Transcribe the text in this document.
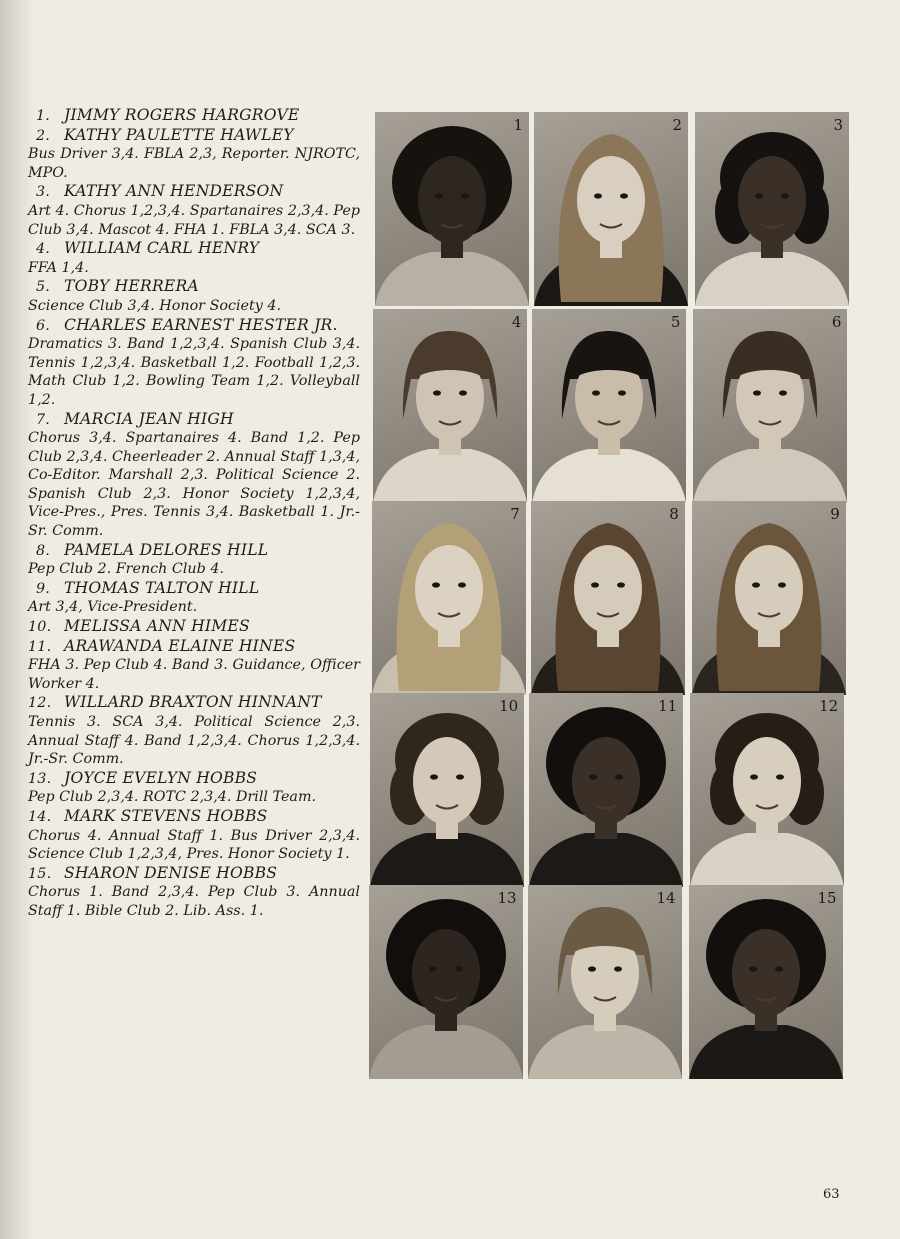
1. JIMMY ROGERS HARGROVE
2. KATHY PAULETTE HAWLEY
Bus Driver 3,4. FBLA 2,3, Reporter. NJROTC, MPO.
3. KATHY ANN HENDERSON
Art 4. Chorus 1,2,3,4. Spartanaires 2,3,4. Pep Club 3,4. Mascot 4. FHA 1. FBLA 3,4. SCA 3.
4. WILLIAM CARL HENRY
FFA 1,4.
5. TOBY HERRERA
Science Club 3,4. Honor Society 4.
6. CHARLES EARNEST HESTER JR.
Dramatics 3. Band 1,2,3,4. Spanish Club 3,4. Tennis 1,2,3,4. Basketball 1,2. Football 1,2,3. Math Club 1,2. Bowling Team 1,2. Volleyball 1,2.
7. MARCIA JEAN HIGH
Chorus 3,4. Spartanaires 4. Band 1,2. Pep Club 2,3,4. Cheerleader 2. Annual Staff 1,3,4, Co-Editor. Marshall 2,3. Political Science 2. Spanish Club 2,3. Honor Society 1,2,3,4, Vice-Pres., Pres. Tennis 3,4. Basketball 1. Jr.-Sr. Comm.
8. PAMELA DELORES HILL
Pep Club 2. French Club 4.
9. THOMAS TALTON HILL
Art 3,4, Vice-President.
10. MELISSA ANN HIMES
11. ARAWANDA ELAINE HINES
FHA 3. Pep Club 4. Band 3. Guidance, Officer Worker 4.
12. WILLARD BRAXTON HINNANT
Tennis 3. SCA 3,4. Political Science 2,3. Annual Staff 4. Band 1,2,3,4. Chorus 1,2,3,4. Jr.-Sr. Comm.
13. JOYCE EVELYN HOBBS
Pep Club 2,3,4. ROTC 2,3,4. Drill Team.
14. MARK STEVENS HOBBS
Chorus 4. Annual Staff 1. Bus Driver 2,3,4. Science Club 1,2,3,4, Pres. Honor Society 1.
15. SHARON DENISE HOBBS
Chorus 1. Band 2,3,4. Pep Club 3. Annual Staff 1. Bible Club 2. Lib. Ass. 1.
1	2	3
4	5	6
7	8	9
10	11	12
13	14	15
63
